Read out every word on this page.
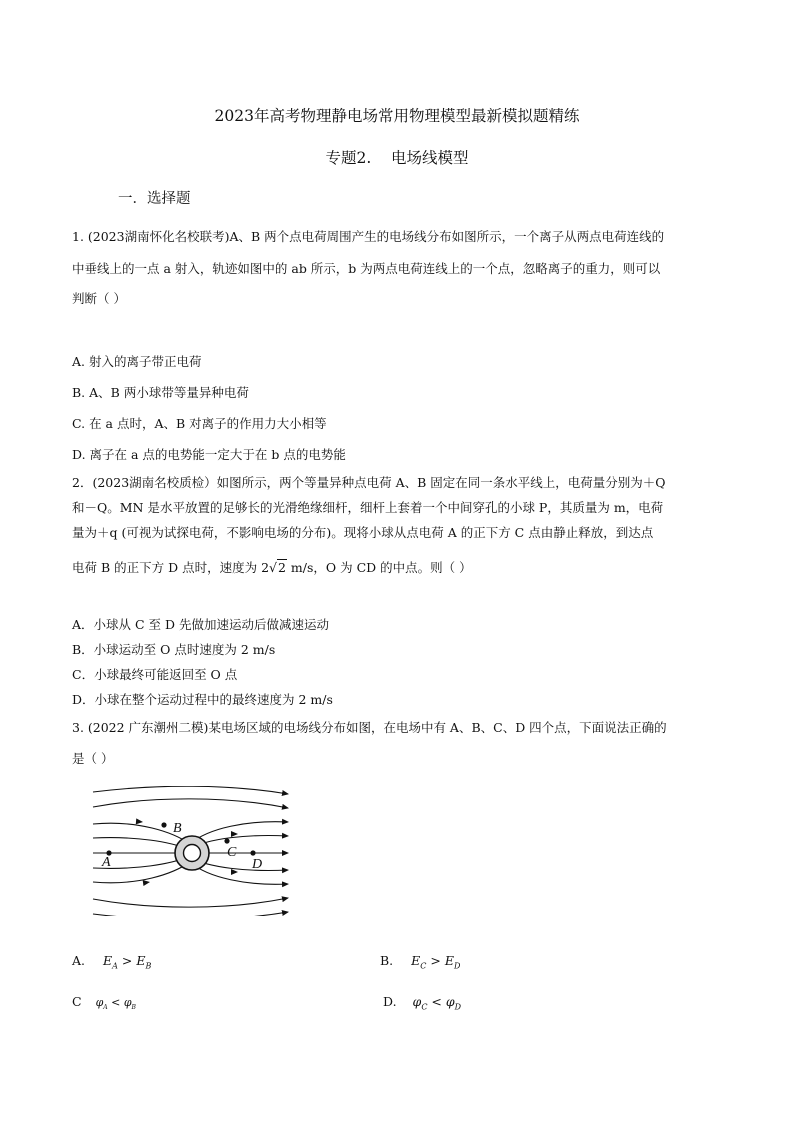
2023年高考物理静电场常用物理模型最新模拟题精练
专题2.    电场线模型
一．选择题
1. (2023湖南怀化名校联考)A、B 两个点电荷周围产生的电场线分布如图所示，一个离子从两点电荷连线的
中垂线上的一点 a 射入，轨迹如图中的 ab 所示，b 为两点电荷连线上的一个点，忽略离子的重力，则可以
判断（ ）
A. 射入的离子带正电荷
B. A、B 两小球带等量异种电荷
C. 在 a 点时，A、B 对离子的作用力大小相等
D. 离子在 a 点的电势能一定大于在 b 点的电势能
2．(2023湖南名校质检）如图所示，两个等量异种点电荷 A、B 固定在同一条水平线上，电荷量分别为＋Q
和－Q。MN 是水平放置的足够长的光滑绝缘细杆，细杆上套着一个中间穿孔的小球 P，其质量为 m，电荷
量为＋q (可视为试探电荷，不影响电场的分布)。现将小球从点电荷 A 的正下方 C 点由静止释放，到达点
电荷 B 的正下方 D 点时，速度为 2√2 m/s，O 为 CD 的中点。则（ ）
A．小球从 C 至 D 先做加速运动后做减速运动
B．小球运动至 O 点时速度为 2 m/s
C．小球最终可能返回至 O 点
D．小球在整个运动过程中的最终速度为 2 m/s
3. (2022 广东潮州二模)某电场区域的电场线分布如图，在电场中有 A、B、C、D 四个点，下面说法正确的
是（ ）
A
B
C
D
A. $E_A > E_B$	B. $E_C > E_D$
C $\varphi_A < \varphi_B$	D. $\varphi_C < \varphi_D$
